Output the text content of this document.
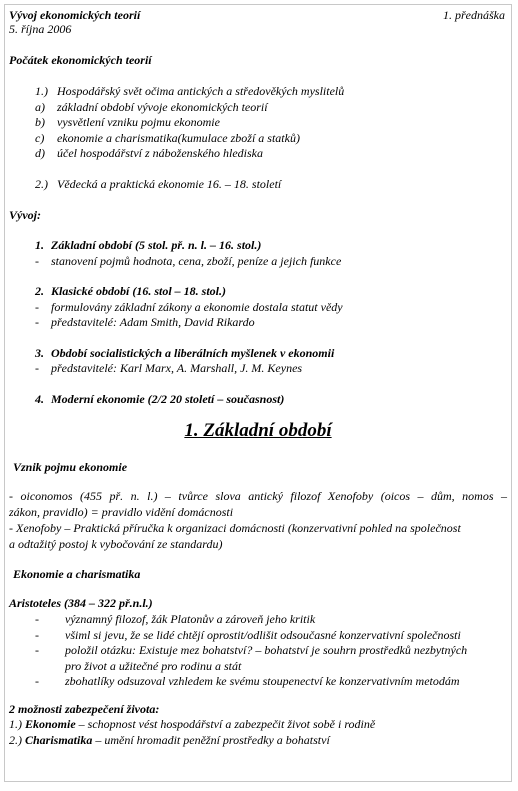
Vývoj ekonomických teorií	1. přednáška
5. října 2006
Počátek ekonomických teorií
1.) Hospodářský svět očima antických a středověkých myslitelů
a)	základní období vývoje ekonomických teorií
b)	vysvětlení vzniku pojmu ekonomie
c)	ekonomie a charismatika(kumulace zboží a statků)
d)	účel hospodářství z náboženského hlediska
2.) Vědecká a praktická ekonomie 16. – 18. století
Vývoj:
1. Základní období (5 stol. př. n. l. – 16. stol.)
-	stanovení pojmů hodnota, cena, zboží, peníze a jejich funkce
2. Klasické období (16. stol – 18. stol.)
-	formulovány základní zákony a ekonomie dostala statut vědy
-	představitelé: Adam Smith, David Rikardo
3. Období socialistických a liberálních myšlenek v ekonomii
-	představitelé: Karl Marx, A. Marshall, J. M. Keynes
4. Moderní ekonomie (2/2 20 století – současnost)
1. Základní období
Vznik pojmu ekonomie
- oiconomos (455 př. n. l.) – tvůrce slova antický filozof Xenofoby (oicos – dům, nomos –
zákon, pravidlo) = pravidlo vidění domácnosti
- Xenofoby – Praktická příručka k organizaci domácnosti (konzervativní pohled na společnost
a odtažitý postoj k vybočování ze standardu)
Ekonomie a charismatika
Aristoteles (384 – 322 př.n.l.)
-	významný filozof, žák Platonův a zároveň jeho kritik
-	všiml si jevu, že se lidé chtějí oprostit/odlišit odsoučasné konzervativní společnosti
-	položil otázku: Existuje mez bohatství? – bohatství je souhrn prostředků nezbytných
pro život a užitečné pro rodinu a stát
-	zbohatlíky odsuzoval vzhledem ke svému stoupenectví ke konzervativním metodám
2 možnosti zabezpečení života:
1.) Ekonomie – schopnost vést hospodářství a zabezpečit život sobě i rodině
2.) Charismatika – umění hromadit peněžní prostředky a bohatství
